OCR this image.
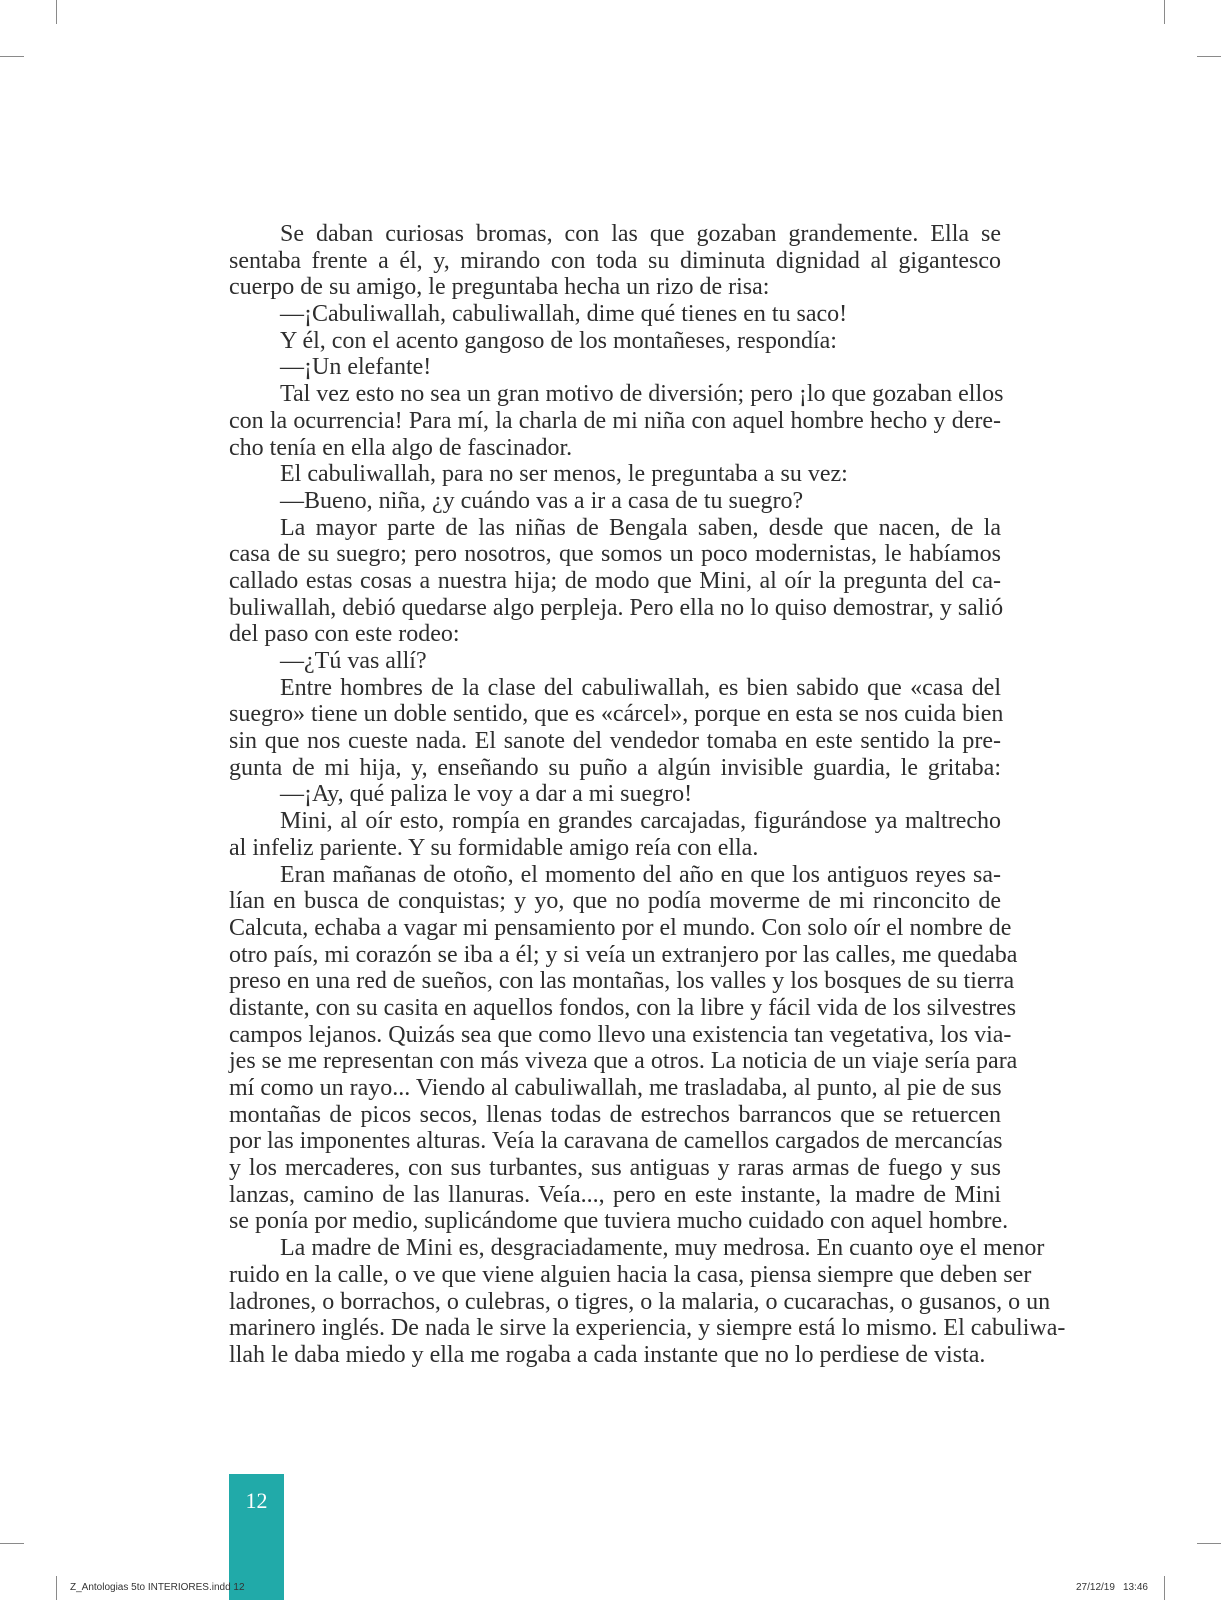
Se daban curiosas bromas, con las que gozaban grandemente. Ella se
sentaba frente a él, y, mirando con toda su diminuta dignidad al gigantesco
cuerpo de su amigo, le preguntaba hecha un rizo de risa:
—¡Cabuliwallah, cabuliwallah, dime qué tienes en tu saco!
Y él, con el acento gangoso de los montañeses, respondía:
—¡Un elefante!
Tal vez esto no sea un gran motivo de diversión; pero ¡lo que gozaban ellos
con la ocurrencia! Para mí, la charla de mi niña con aquel hombre hecho y dere-
cho tenía en ella algo de fascinador.
El cabuliwallah, para no ser menos, le preguntaba a su vez:
—Bueno, niña, ¿y cuándo vas a ir a casa de tu suegro?
La mayor parte de las niñas de Bengala saben, desde que nacen, de la
casa de su suegro; pero nosotros, que somos un poco modernistas, le habíamos
callado estas cosas a nuestra hija; de modo que Mini, al oír la pregunta del ca-
buliwallah, debió quedarse algo perpleja. Pero ella no lo quiso demostrar, y salió
del paso con este rodeo:
—¿Tú vas allí?
Entre hombres de la clase del cabuliwallah, es bien sabido que «casa del
suegro» tiene un doble sentido, que es «cárcel», porque en esta se nos cuida bien
sin que nos cueste nada. El sanote del vendedor tomaba en este sentido la pre-
gunta de mi hija, y, enseñando su puño a algún invisible guardia, le gritaba:
—¡Ay, qué paliza le voy a dar a mi suegro!
Mini, al oír esto, rompía en grandes carcajadas, figurándose ya maltrecho
al infeliz pariente. Y su formidable amigo reía con ella.
Eran mañanas de otoño, el momento del año en que los antiguos reyes sa-
lían en busca de conquistas; y yo, que no podía moverme de mi rinconcito de
Calcuta, echaba a vagar mi pensamiento por el mundo. Con solo oír el nombre de
otro país, mi corazón se iba a él; y si veía un extranjero por las calles, me quedaba
preso en una red de sueños, con las montañas, los valles y los bosques de su tierra
distante, con su casita en aquellos fondos, con la libre y fácil vida de los silvestres
campos lejanos. Quizás sea que como llevo una existencia tan vegetativa, los via-
jes se me representan con más viveza que a otros. La noticia de un viaje sería para
mí como un rayo... Viendo al cabuliwallah, me trasladaba, al punto, al pie de sus
montañas de picos secos, llenas todas de estrechos barrancos que se retuercen
por las imponentes alturas. Veía la caravana de camellos cargados de mercancías
y los mercaderes, con sus turbantes, sus antiguas y raras armas de fuego y sus
lanzas, camino de las llanuras. Veía..., pero en este instante, la madre de Mini
se ponía por medio, suplicándome que tuviera mucho cuidado con aquel hombre.
La madre de Mini es, desgraciadamente, muy medrosa. En cuanto oye el menor
ruido en la calle, o ve que viene alguien hacia la casa, piensa siempre que deben ser
ladrones, o borrachos, o culebras, o tigres, o la malaria, o cucarachas, o gusanos, o un
marinero inglés. De nada le sirve la experiencia, y siempre está lo mismo. El cabuliwa-
llah le daba miedo y ella me rogaba a cada instante que no lo perdiese de vista.
12
Z_Antologias 5to INTERIORES.indd 12	27/12/19 13:46
